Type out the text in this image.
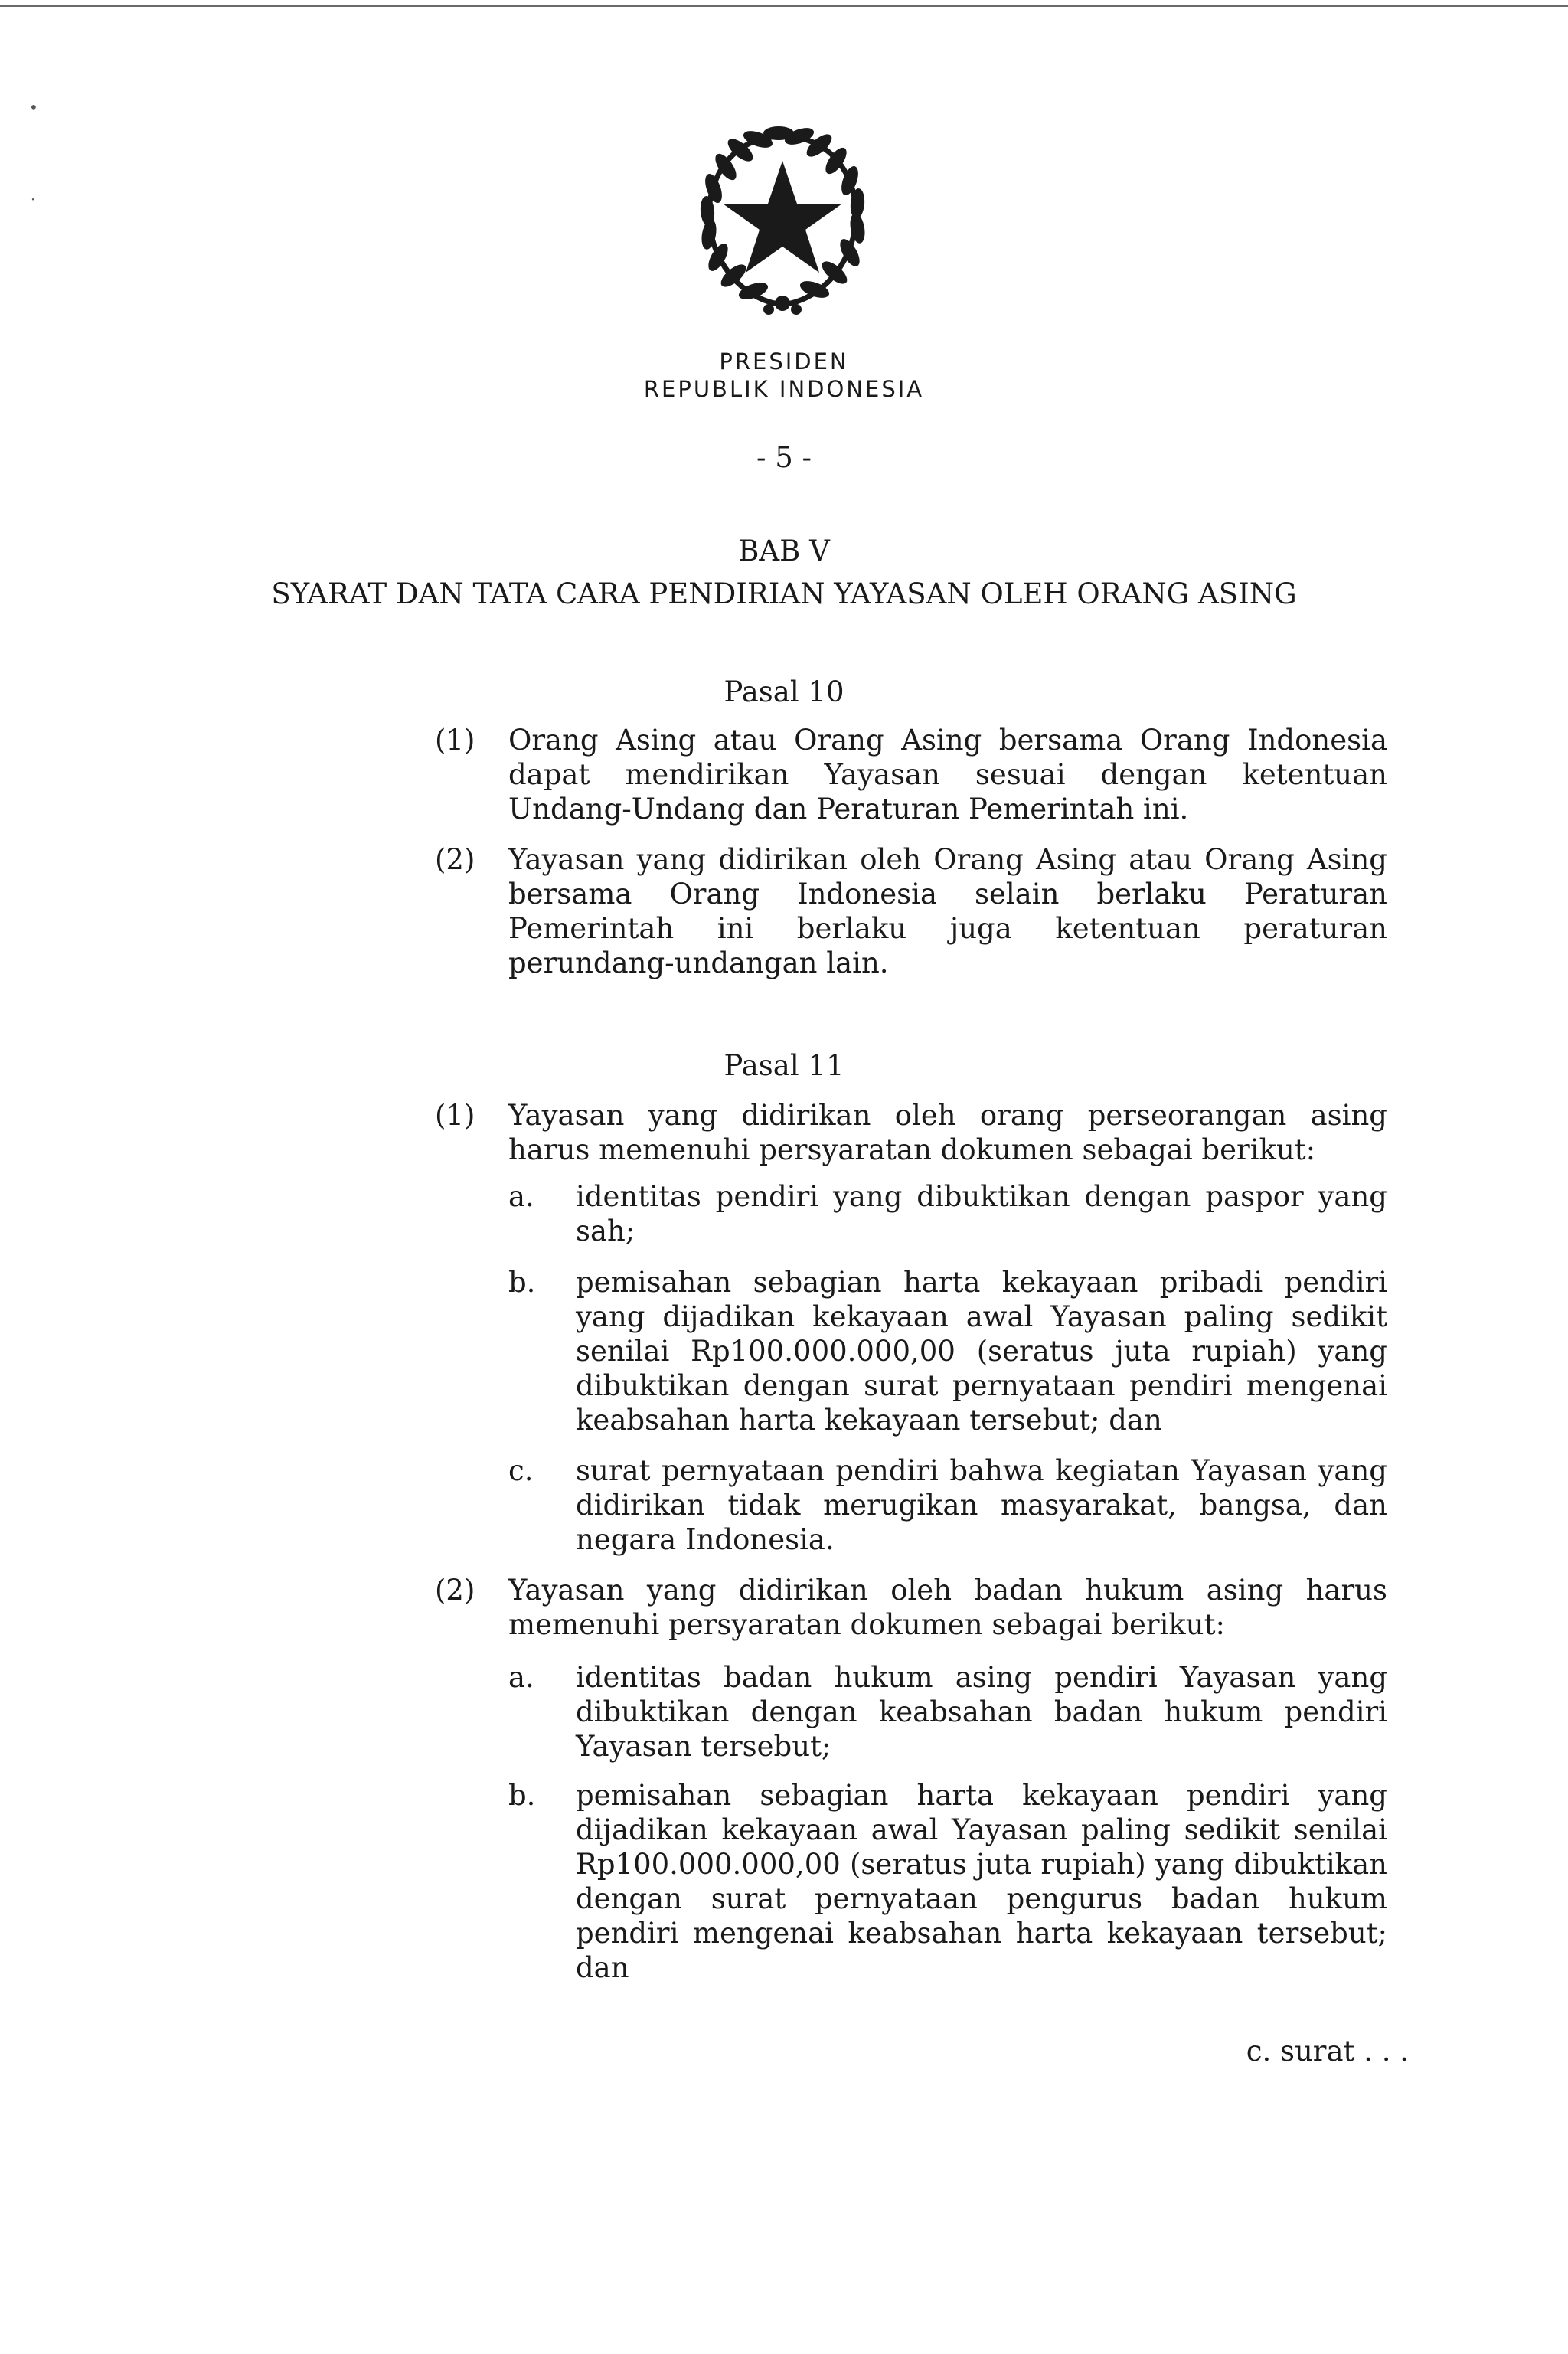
•
·
PRESIDEN
REPUBLIK INDONESIA
- 5 -
BAB V
SYARAT DAN TATA CARA PENDIRIAN YAYASAN OLEH ORANG ASING
Pasal 10
(1) Orang Asing atau Orang Asing bersama Orang Indonesia dapat mendirikan Yayasan sesuai dengan ketentuan Undang-Undang dan Peraturan Pemerintah ini.
(2) Yayasan yang didirikan oleh Orang Asing atau Orang Asing bersama Orang Indonesia selain berlaku Peraturan Pemerintah ini berlaku juga ketentuan peraturan perundang-undangan lain.
Pasal 11
(1) Yayasan yang didirikan oleh orang perseorangan asing harus memenuhi persyaratan dokumen sebagai berikut:
a. identitas pendiri yang dibuktikan dengan paspor yang sah;
b. pemisahan sebagian harta kekayaan pribadi pendiri yang dijadikan kekayaan awal Yayasan paling sedikit senilai Rp100.000.000,00 (seratus juta rupiah) yang dibuktikan dengan surat pernyataan pendiri mengenai keabsahan harta kekayaan tersebut; dan
c. surat pernyataan pendiri bahwa kegiatan Yayasan yang didirikan tidak merugikan masyarakat, bangsa, dan negara Indonesia.
(2) Yayasan yang didirikan oleh badan hukum asing harus memenuhi persyaratan dokumen sebagai berikut:
a. identitas badan hukum asing pendiri Yayasan yang dibuktikan dengan keabsahan badan hukum pendiri Yayasan tersebut;
b. pemisahan sebagian harta kekayaan pendiri yang dijadikan kekayaan awal Yayasan paling sedikit senilai Rp100.000.000,00 (seratus juta rupiah) yang dibuktikan dengan surat pernyataan pengurus badan hukum pendiri mengenai keabsahan harta kekayaan tersebut; dan
c. surat . . .
